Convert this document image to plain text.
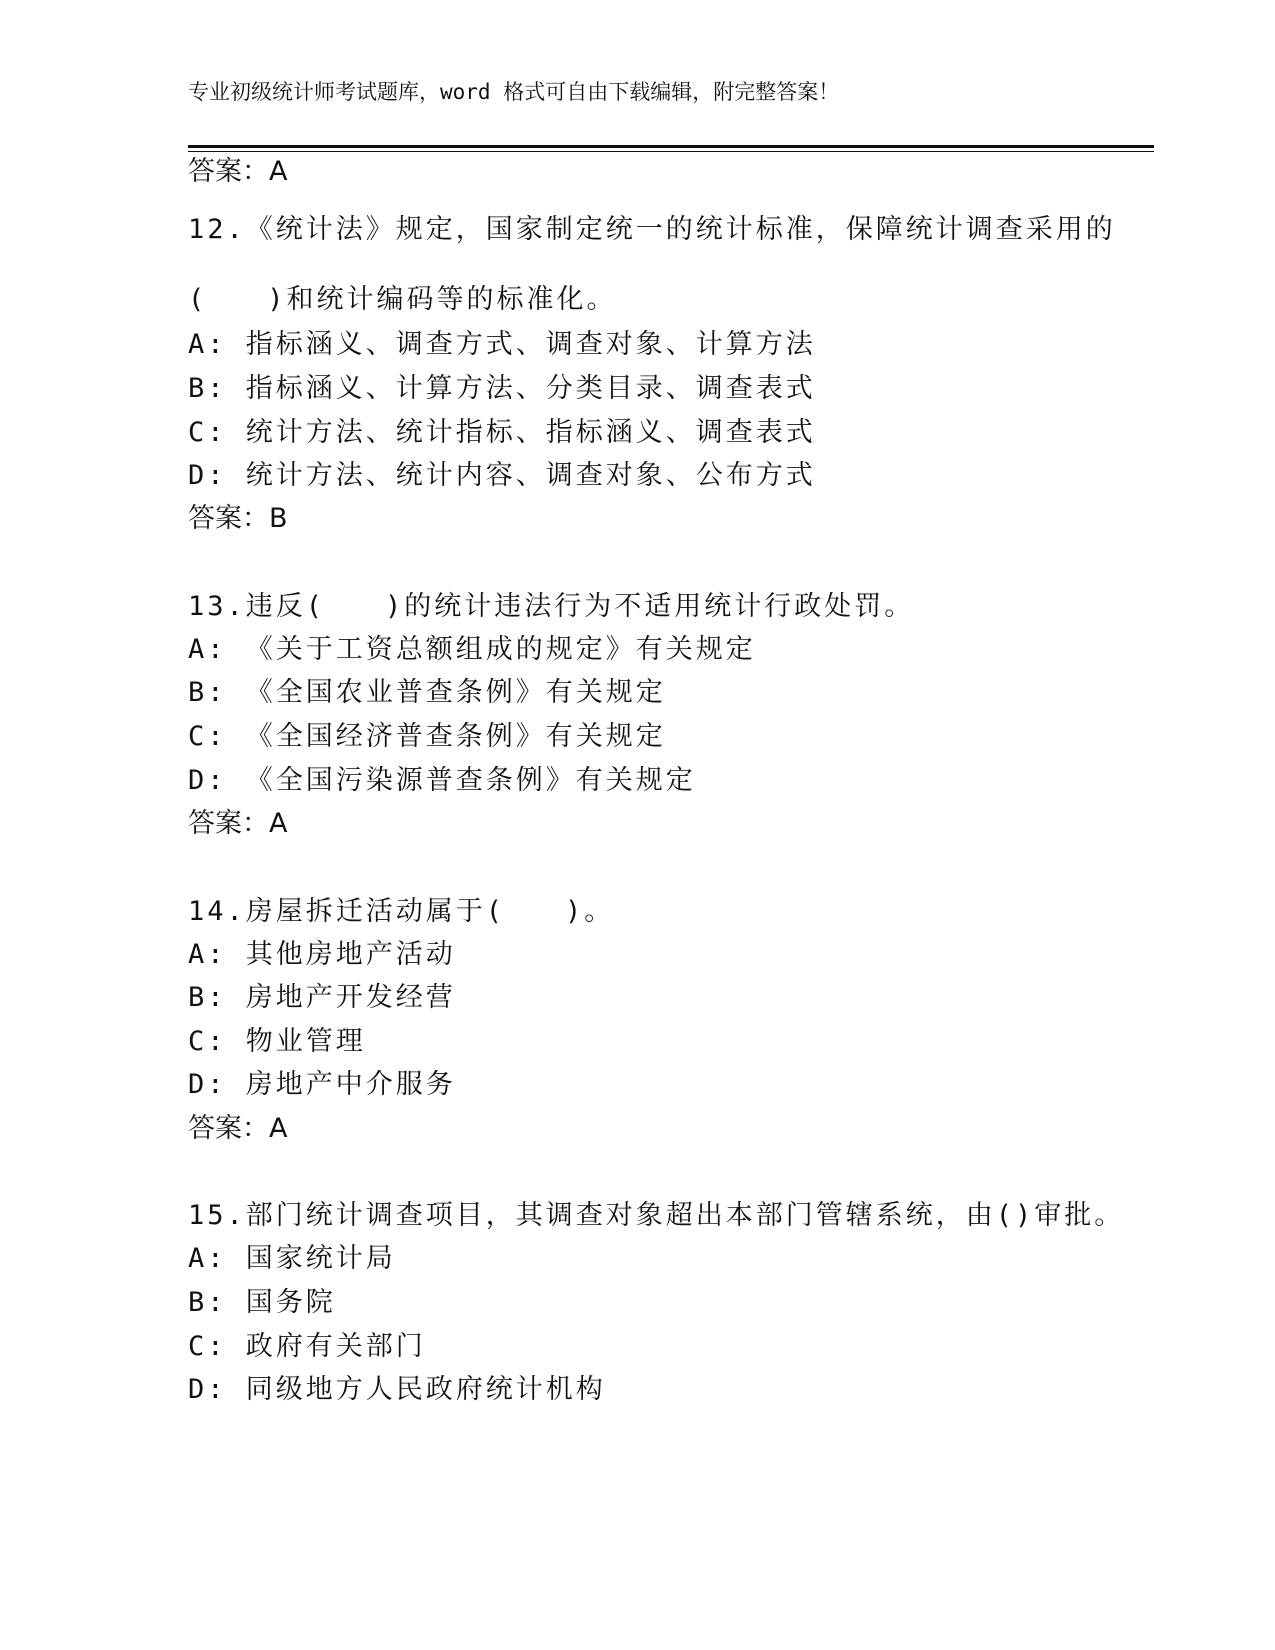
专业初级统计师考试题库，word 格式可自由下载编辑，附完整答案！
答案：A
12.《统计法》规定，国家制定统一的统计标准，保障统计调查采用的
(　　)和统计编码等的标准化。
A: 指标涵义、调查方式、调查对象、计算方法
B: 指标涵义、计算方法、分类目录、调查表式
C: 统计方法、统计指标、指标涵义、调查表式
D: 统计方法、统计内容、调查对象、公布方式
答案：B
13.违反(　　)的统计违法行为不适用统计行政处罚。
A: 《关于工资总额组成的规定》有关规定
B: 《全国农业普查条例》有关规定
C: 《全国经济普查条例》有关规定
D: 《全国污染源普查条例》有关规定
答案：A
14.房屋拆迁活动属于(　　)。
A: 其他房地产活动
B: 房地产开发经营
C: 物业管理
D: 房地产中介服务
答案：A
15.部门统计调查项目，其调查对象超出本部门管辖系统，由()审批。
A: 国家统计局
B: 国务院
C: 政府有关部门
D: 同级地方人民政府统计机构
